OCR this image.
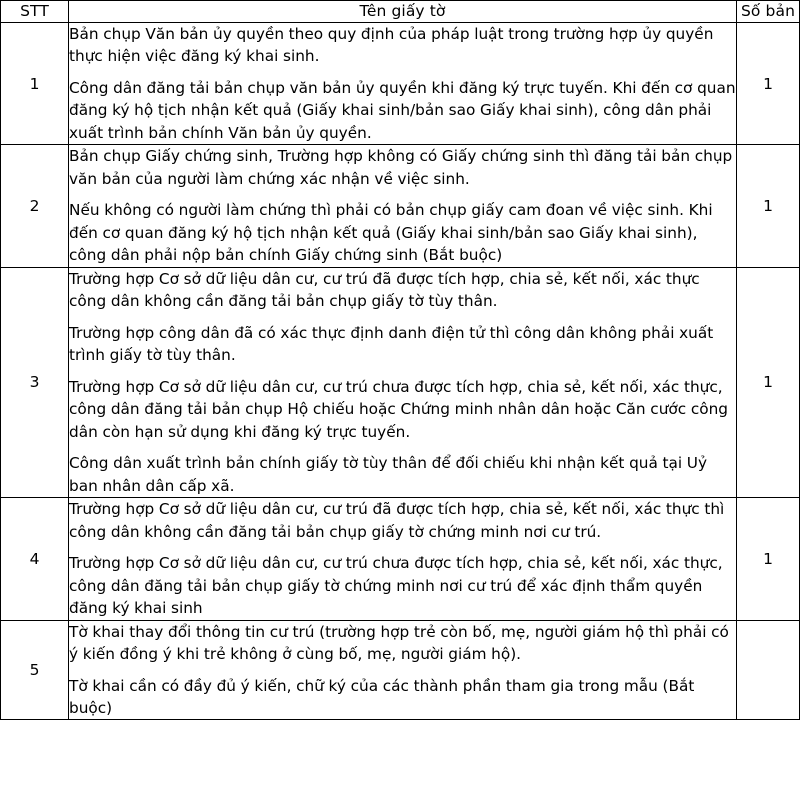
STT	Tên giấy tờ	Số bản
1	Bản chụp Văn bản ủy quyền theo quy định của pháp luật trong trường hợp ủy quyền thực hiện việc đăng ký khai sinh.

Công dân đăng tải bản chụp văn bản ủy quyền khi đăng ký trực tuyến. Khi đến cơ quan đăng ký hộ tịch nhận kết quả (Giấy khai sinh/bản sao Giấy khai sinh), công dân phải xuất trình bản chính Văn bản ủy quyền.	1
2	Bản chụp Giấy chứng sinh, Trường hợp không có Giấy chứng sinh thì đăng tải bản chụp văn bản của người làm chứng xác nhận về việc sinh.

Nếu không có người làm chứng thì phải có bản chụp giấy cam đoan về việc sinh. Khi đến cơ quan đăng ký hộ tịch nhận kết quả (Giấy khai sinh/bản sao Giấy khai sinh), công dân phải nộp bản chính Giấy chứng sinh (Bắt buộc)	1
3	Trường hợp Cơ sở dữ liệu dân cư, cư trú đã được tích hợp, chia sẻ, kết nối, xác thực công dân không cần đăng tải bản chụp giấy tờ tùy thân.

Trường hợp công dân đã có xác thực định danh điện tử thì công dân không phải xuất trình giấy tờ tùy thân.

Trường hợp Cơ sở dữ liệu dân cư, cư trú chưa được tích hợp, chia sẻ, kết nối, xác thực, công dân đăng tải bản chụp Hộ chiếu hoặc Chứng minh nhân dân hoặc Căn cước công dân còn hạn sử dụng khi đăng ký trực tuyến.

Công dân xuất trình bản chính giấy tờ tùy thân để đối chiếu khi nhận kết quả tại Uỷ ban nhân dân cấp xã.	1
4	Trường hợp Cơ sở dữ liệu dân cư, cư trú đã được tích hợp, chia sẻ, kết nối, xác thực thì công dân không cần đăng tải bản chụp giấy tờ chứng minh nơi cư trú.

Trường hợp Cơ sở dữ liệu dân cư, cư trú chưa được tích hợp, chia sẻ, kết nối, xác thực, công dân đăng tải bản chụp giấy tờ chứng minh nơi cư trú để xác định thẩm quyền đăng ký khai sinh	1
5	Tờ khai thay đổi thông tin cư trú (trường hợp trẻ còn bố, mẹ, người giám hộ thì phải có ý kiến đồng ý khi trẻ không ở cùng bố, mẹ, người giám hộ).

Tờ khai cần có đầy đủ ý kiến, chữ ký của các thành phần tham gia trong mẫu (Bắt buộc)	
